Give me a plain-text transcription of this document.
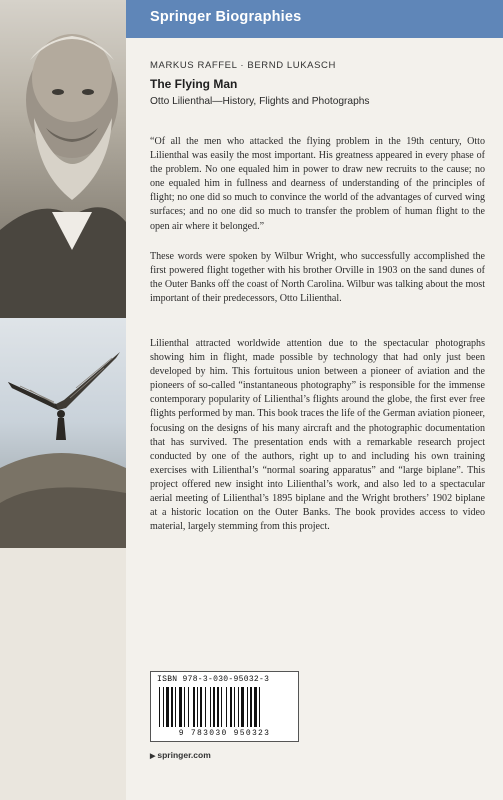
Springer Biographies
MARKUS RAFFEL · BERND LUKASCH
The Flying Man
Otto Lilienthal—History, Flights and Photographs

“Of all the men who attacked the flying problem in the 19th century, Otto Lilienthal was easily the most important. His greatness appeared in every phase of the problem. No one equaled him in power to draw new recruits to the cause; no one equaled him in fullness and dearness of understanding of the principles of flight; no one did so much to convince the world of the advantages of curved wing surfaces; and no one did so much to transfer the problem of human flight to the open air where it belonged.”

These words were spoken by Wilbur Wright, who successfully accomplished the first powered flight together with his brother Orville in 1903 on the sand dunes of the Outer Banks off the coast of North Carolina. Wilbur was talking about the most important of their predecessors, Otto Lilienthal.

Lilienthal attracted worldwide attention due to the spectacular photographs showing him in flight, made possible by technology that had only just been developed by him. This fortuitous union between a pioneer of aviation and the pioneers of so-called “instantaneous photography” is responsible for the immense contemporary popularity of Lilienthal’s flights around the globe, the first ever free flights performed by man. This book traces the life of the German aviation pioneer, focusing on the designs of his many aircraft and the photographic documentation that has survived. The presentation ends with a remarkable research project conducted by one of the authors, right up to and including his own training exercises with Lilienthal’s “normal soaring apparatus” and “large biplane”. This project offered new insight into Lilienthal’s work, and also led to a spectacular aerial meeting of Lilienthal’s 1895 biplane and the Wright brothers’ 1902 biplane at a historic location on the Outer Banks. The book provides access to video material, largely stemming from this project.

ISBN 978-3-030-95032-3
9 783030 950323
▶ springer.com
